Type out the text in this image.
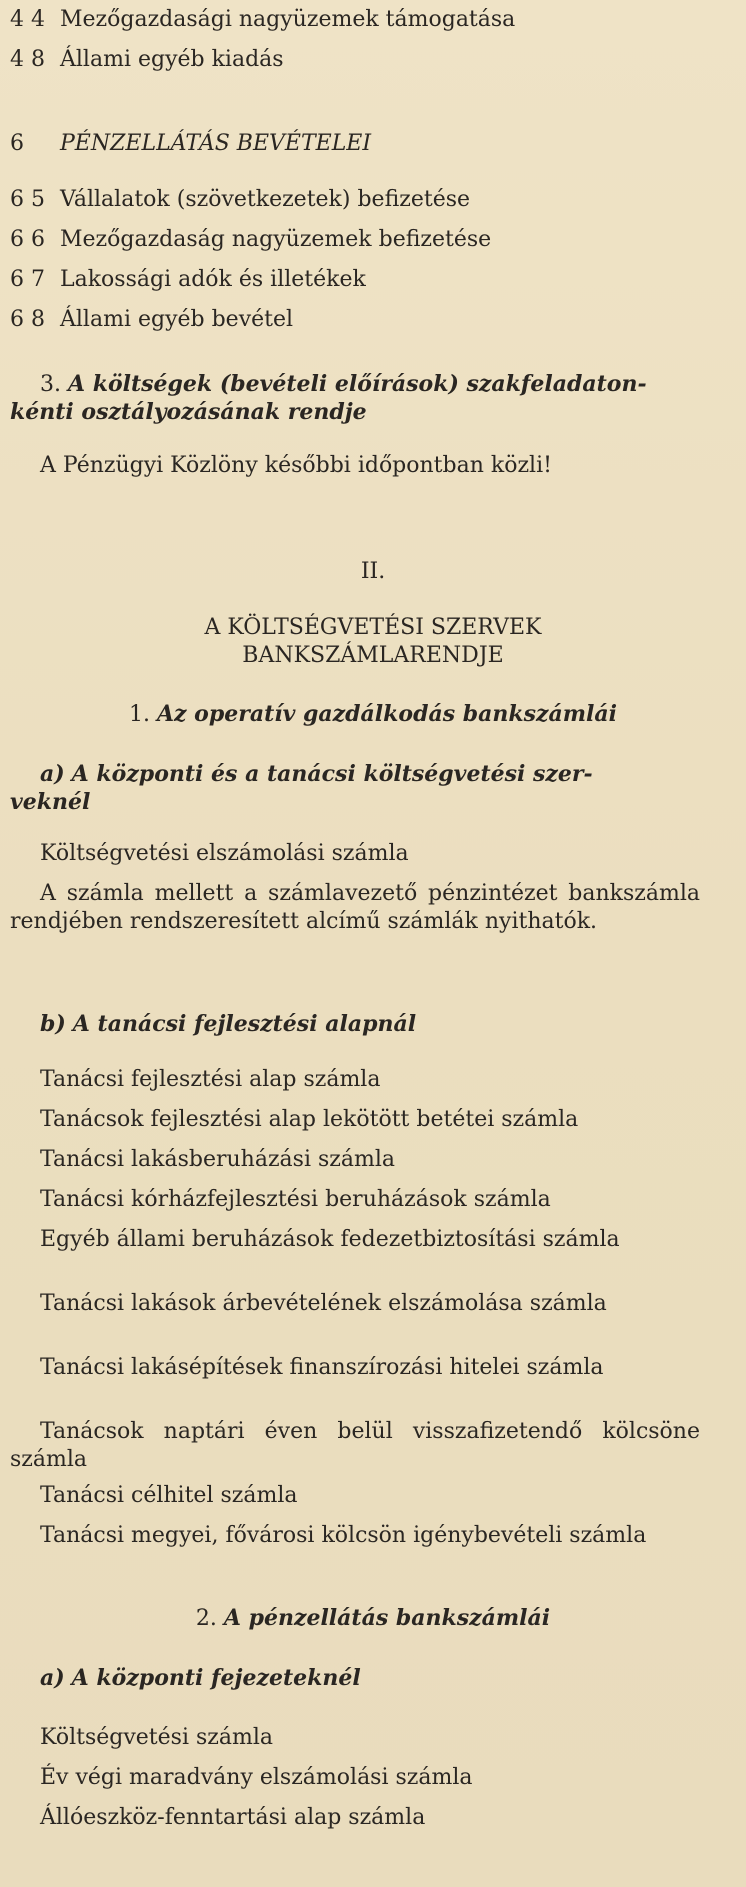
4 4 Mezőgazdasági nagyüzemek támogatása
4 8 Állami egyéb kiadás
6 PÉNZELLÁTÁS BEVÉTELEI
6 5 Vállalatok (szövetkezetek) befizetése
6 6 Mezőgazdaság nagyüzemek befizetése
6 7 Lakossági adók és illetékek
6 8 Állami egyéb bevétel
3. A költségek (bevételi előírások) szakfeladaton-
kénti osztályozásának rendje
A Pénzügyi Közlöny későbbi időpontban közli!
II.
A KÖLTSÉGVETÉSI SZERVEK
BANKSZÁMLARENDJE
1. Az operatív gazdálkodás bankszámlái
a) A központi és a tanácsi költségvetési szer-
veknél
Költségvetési elszámolási számla
A számla mellett a számlavezető pénzintézet bankszámla rendjében rendszeresített alcímű számlák nyithatók.
b) A tanácsi fejlesztési alapnál
Tanácsi fejlesztési alap számla
Tanácsok fejlesztési alap lekötött betétei számla
Tanácsi lakásberuházási számla
Tanácsi kórházfejlesztési beruházások számla
Egyéb állami beruházások fedezetbiztosítási számla
Tanácsi lakások árbevételének elszámolása számla
Tanácsi lakásépítések finanszírozási hitelei számla
Tanácsok naptári éven belül visszafizetendő kölcsöne számla
Tanácsi célhitel számla
Tanácsi megyei, fővárosi kölcsön igénybevételi számla
2. A pénzellátás bankszámlái
a) A központi fejezeteknél
Költségvetési számla
Év végi maradvány elszámolási számla
Állóeszköz-fenntartási alap számla
